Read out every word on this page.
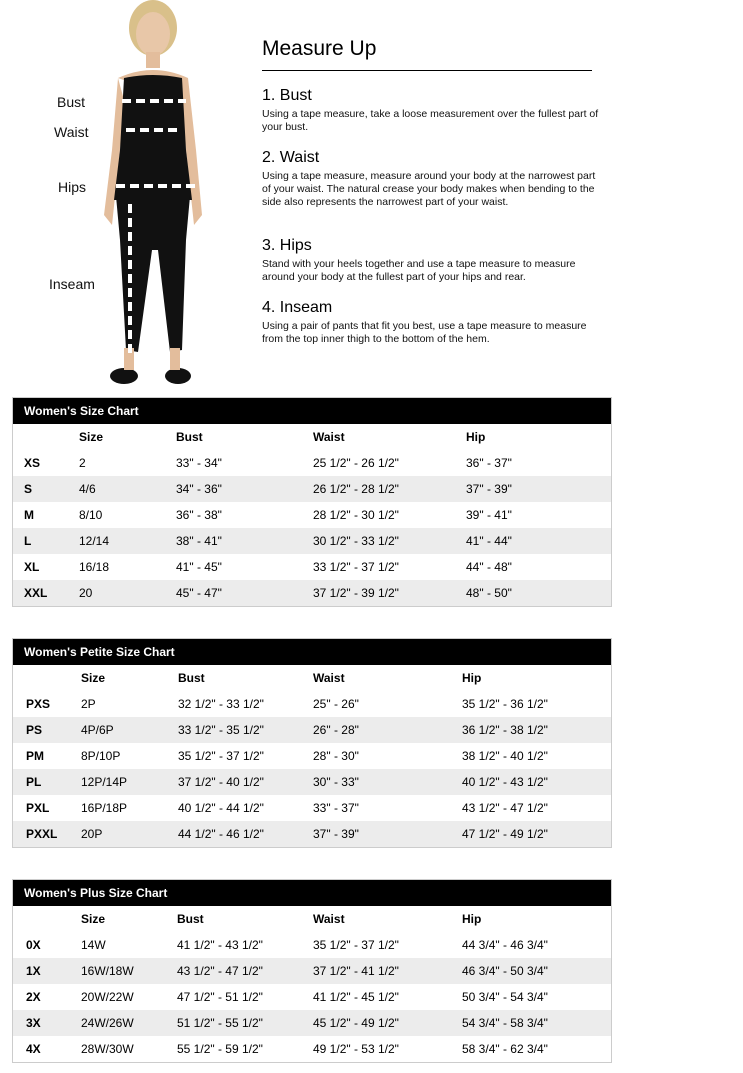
Bust
Waist
Hips
Inseam
Measure Up
1. Bust

Using a tape measure, take a loose measurement over the fullest part of your bust.

2. Waist

Using a tape measure, measure around your body at the narrowest part of your waist. The natural crease your body makes when bending to the side also represents the narrowest part of your waist.

3. Hips

Stand with your heels together and use a tape measure to measure around your body at the fullest part of your hips and rear.

4. Inseam

Using a pair of pants that fit you best, use a tape measure to measure from the top inner thigh to the bottom of the hem.

Women's Size Chart
	Size	Bust	Waist	Hip
XS	2	33" - 34"	25 1/2" - 26 1/2"	36" - 37"
S	4/6	34" - 36"	26 1/2" - 28 1/2"	37" - 39"
M	8/10	36" - 38"	28 1/2" - 30 1/2"	39" - 41"
L	12/14	38" - 41"	30 1/2" - 33 1/2"	41" - 44"
XL	16/18	41" - 45"	33 1/2" - 37 1/2"	44" - 48"
XXL	20	45" - 47"	37 1/2" - 39 1/2"	48" - 50"
Women's Petite Size Chart
	Size	Bust	Waist	Hip
PXS	2P	32 1/2" - 33 1/2"	25" - 26"	35 1/2" - 36 1/2"
PS	4P/6P	33 1/2" - 35 1/2"	26" - 28"	36 1/2" - 38 1/2"
PM	8P/10P	35 1/2" - 37 1/2"	28" - 30"	38 1/2" - 40 1/2"
PL	12P/14P	37 1/2" - 40 1/2"	30" - 33"	40 1/2" - 43 1/2"
PXL	16P/18P	40 1/2" - 44 1/2"	33" - 37"	43 1/2" - 47 1/2"
PXXL	20P	44 1/2" - 46 1/2"	37" - 39"	47 1/2" - 49 1/2"
Women's Plus Size Chart
	Size	Bust	Waist	Hip
0X	14W	41 1/2" - 43 1/2"	35 1/2" - 37 1/2"	44 3/4" - 46 3/4"
1X	16W/18W	43 1/2" - 47 1/2"	37 1/2" - 41 1/2"	46 3/4" - 50 3/4"
2X	20W/22W	47 1/2" - 51 1/2"	41 1/2" - 45 1/2"	50 3/4" - 54 3/4"
3X	24W/26W	51 1/2" - 55 1/2"	45 1/2" - 49 1/2"	54 3/4" - 58 3/4"
4X	28W/30W	55 1/2" - 59 1/2"	49 1/2" - 53 1/2"	58 3/4" - 62 3/4"
